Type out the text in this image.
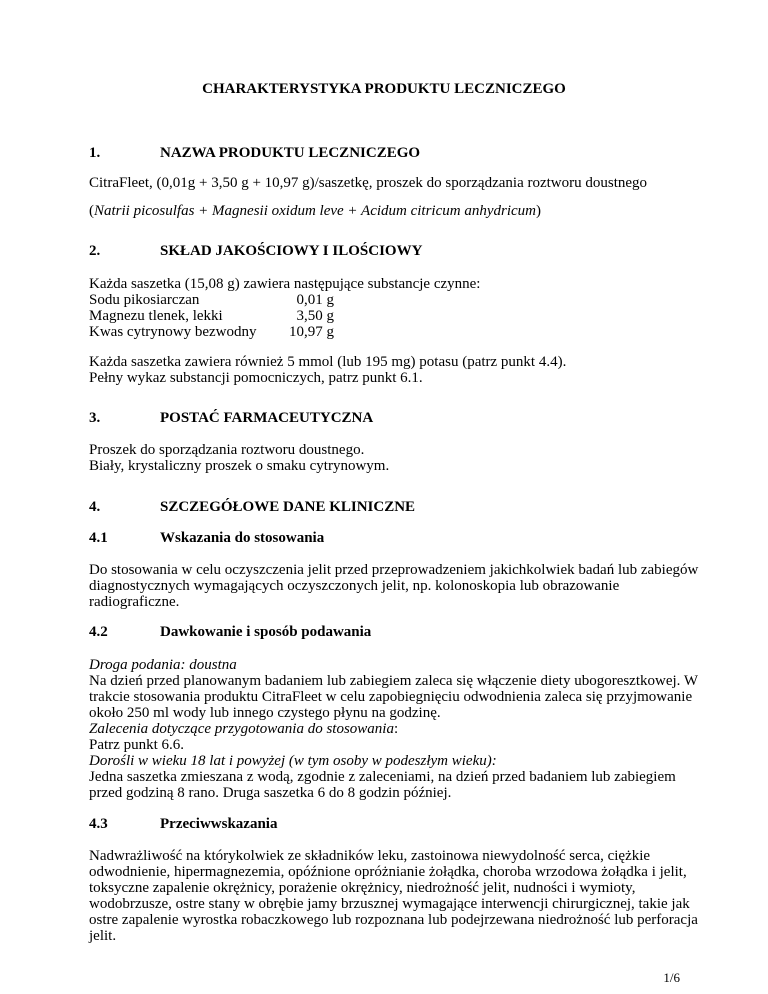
CHARAKTERYSTYKA PRODUKTU LECZNICZEGO
1.	NAZWA PRODUKTU LECZNICZEGO
CitraFleet, (0,01g + 3,50 g + 10,97 g)/saszetkę, proszek do sporządzania roztworu doustnego
(Natrii picosulfas + Magnesii oxidum leve + Acidum citricum anhydricum)
2.	SKŁAD JAKOŚCIOWY I ILOŚCIOWY
Każda saszetka (15,08 g) zawiera następujące substancje czynne:
Sodu pikosiarczan	0,01 g
Magnezu tlenek, lekki	3,50 g
Kwas cytrynowy bezwodny	10,97 g
Każda saszetka zawiera również 5 mmol (lub 195 mg) potasu (patrz punkt 4.4).
Pełny wykaz substancji pomocniczych, patrz punkt 6.1.
3.	POSTAĆ FARMACEUTYCZNA
Proszek do sporządzania roztworu doustnego.
Biały, krystaliczny proszek o smaku cytrynowym.
4.	SZCZEGÓŁOWE DANE KLINICZNE
4.1	Wskazania do stosowania
Do stosowania w celu oczyszczenia jelit przed przeprowadzeniem jakichkolwiek badań lub zabiegów
diagnostycznych wymagających oczyszczonych jelit, np. kolonoskopia lub obrazowanie
radiograficzne.
4.2	Dawkowanie i sposób podawania
Droga podania: doustna
Na dzień przed planowanym badaniem lub zabiegiem zaleca się włączenie diety ubogoresztkowej. W
trakcie stosowania produktu CitraFleet w celu zapobiegnięciu odwodnienia zaleca się przyjmowanie
około 250 ml wody lub innego czystego płynu na godzinę.
Zalecenia dotyczące przygotowania do stosowania:
Patrz punkt 6.6.
Dorośli w wieku 18 lat i powyżej (w tym osoby w podeszłym wieku):
Jedna saszetka zmieszana z wodą, zgodnie z zaleceniami, na dzień przed badaniem lub zabiegiem
przed godziną 8 rano. Druga saszetka 6 do 8 godzin później.
4.3	Przeciwwskazania
Nadwrażliwość na którykolwiek ze składników leku, zastoinowa niewydolność serca, ciężkie
odwodnienie, hipermagnezemia, opóźnione opróżnianie żołądka, choroba wrzodowa żołądka i jelit,
toksyczne zapalenie okrężnicy, porażenie okrężnicy, niedrożność jelit, nudności i wymioty,
wodobrzusze, ostre stany w obrębie jamy brzusznej wymagające interwencji chirurgicznej, takie jak
ostre zapalenie wyrostka robaczkowego lub rozpoznana lub podejrzewana niedrożność lub perforacja
jelit.
1/6
